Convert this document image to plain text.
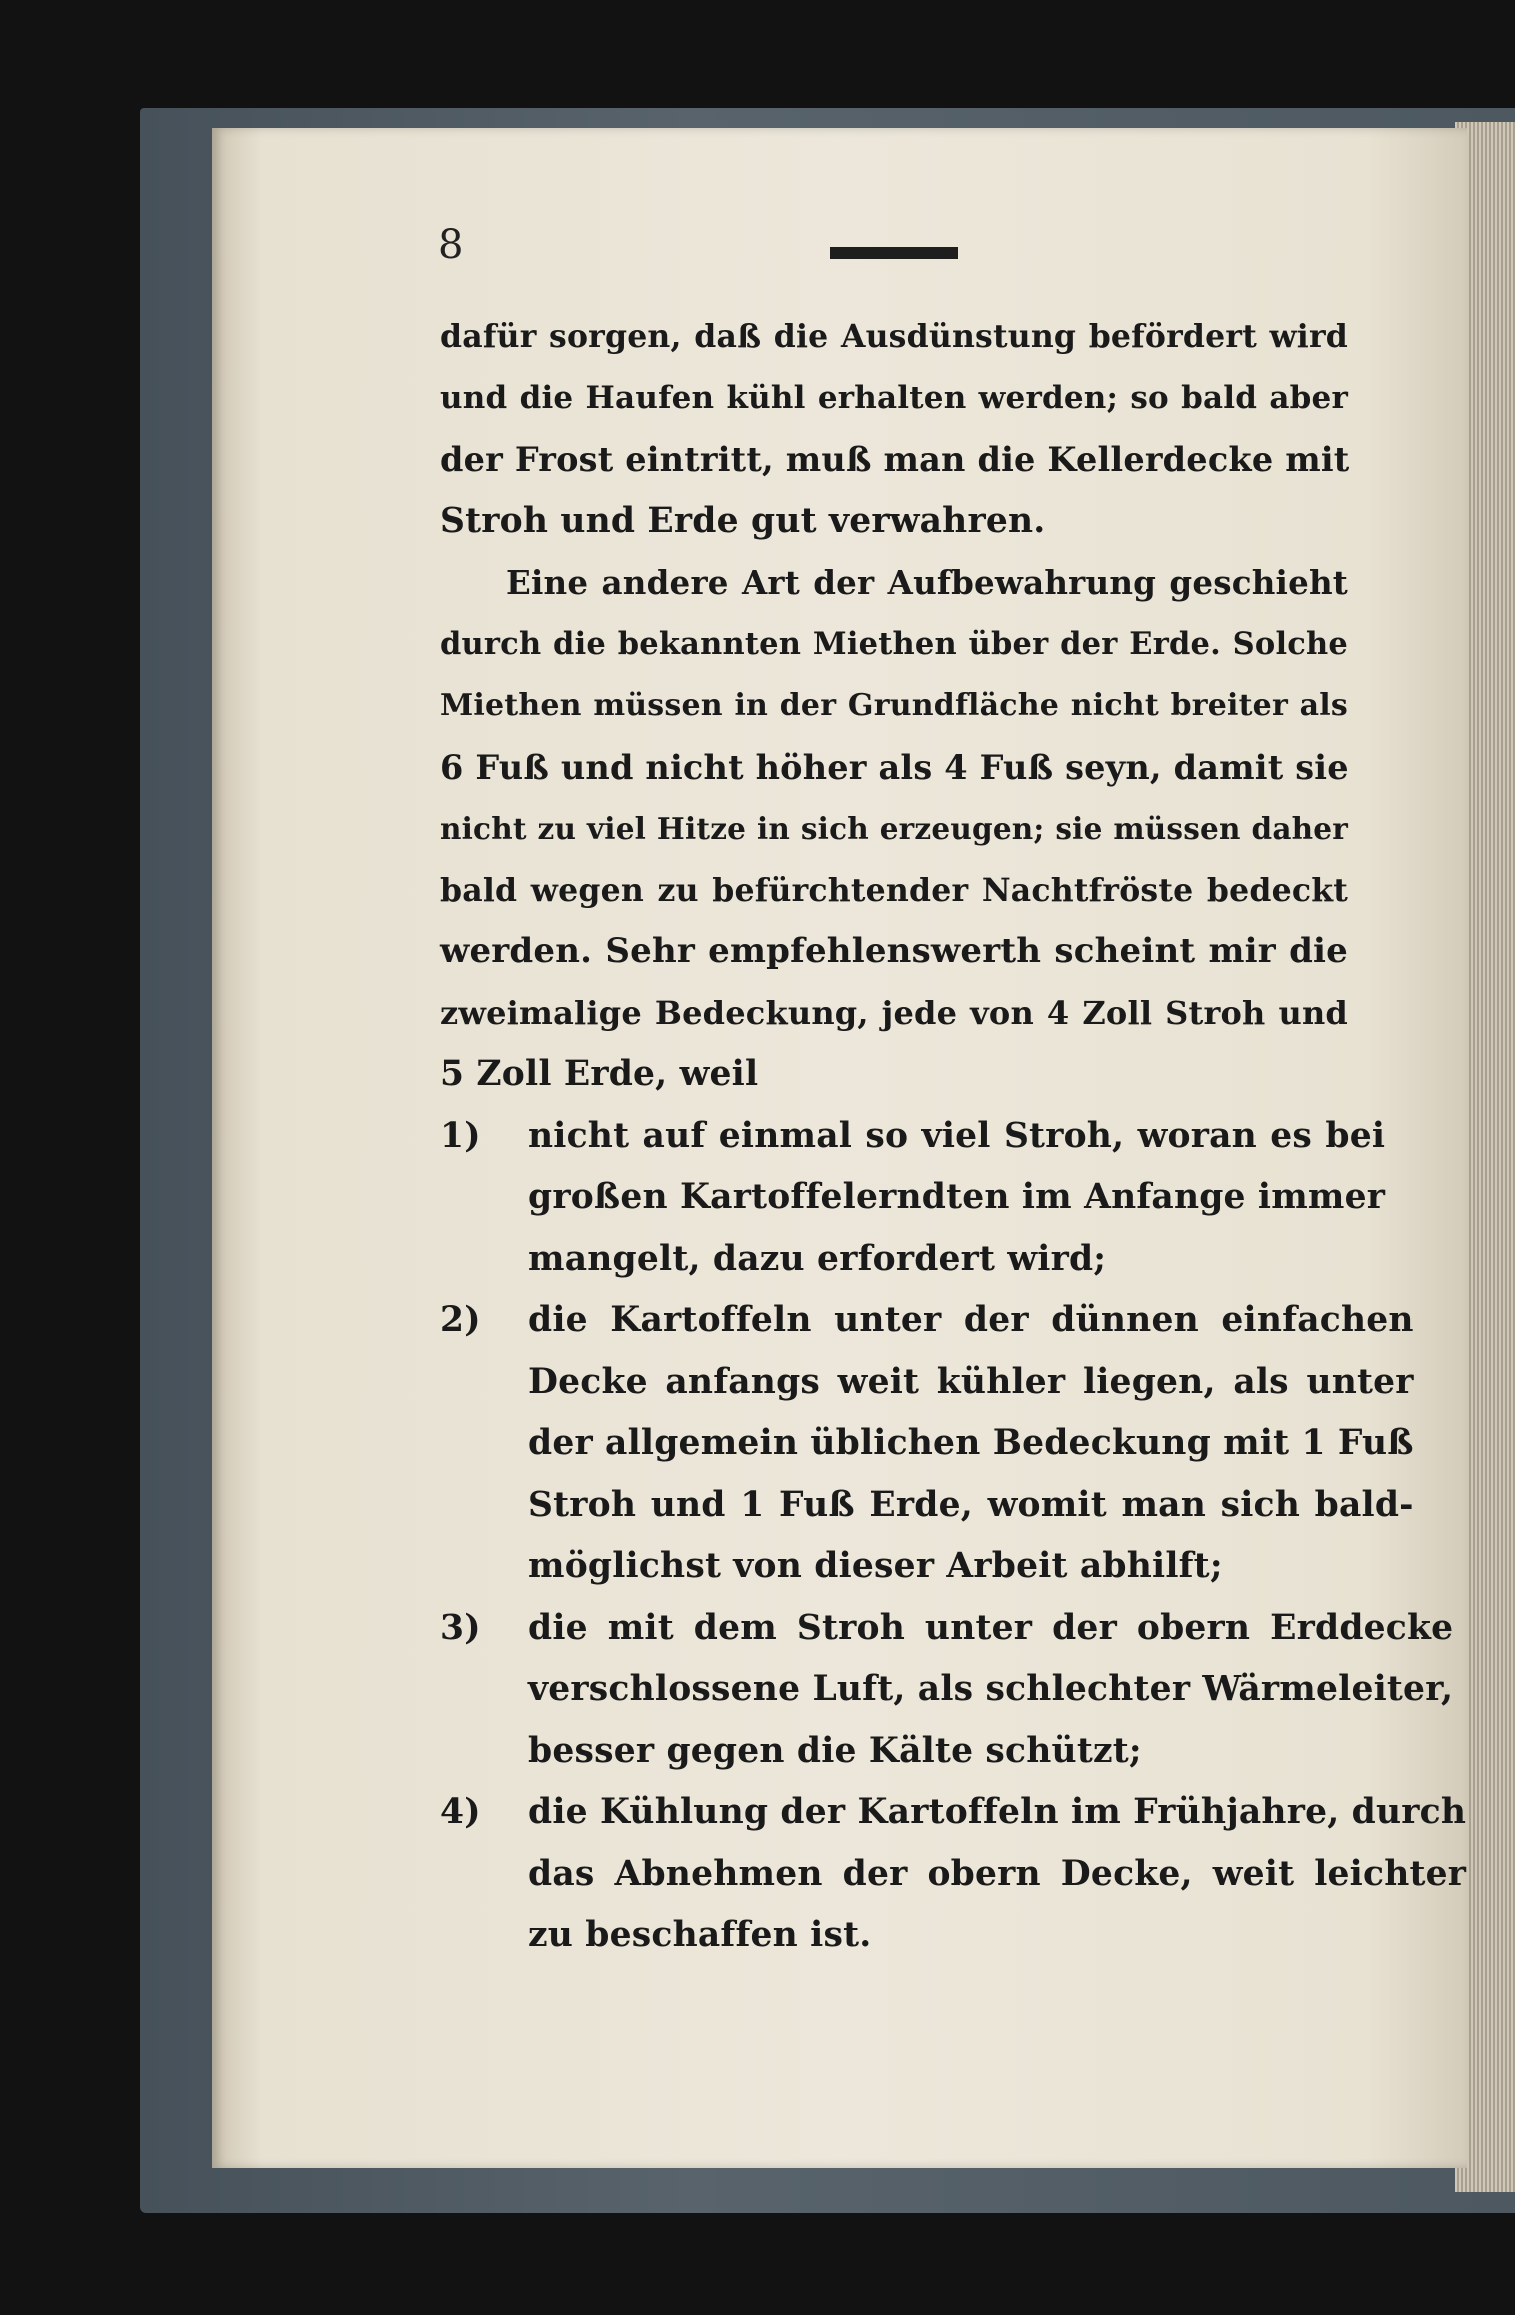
8

dafür sorgen, daß die Ausdünstung befördert wird
und die Haufen kühl erhalten werden; so bald aber
der Frost eintritt, muß man die Kellerdecke mit
Stroh und Erde gut verwahren.
Eine andere Art der Aufbewahrung geschieht
durch die bekannten Miethen über der Erde. Solche
Miethen müssen in der Grundfläche nicht breiter als
6 Fuß und nicht höher als 4 Fuß seyn, damit sie
nicht zu viel Hitze in sich erzeugen; sie müssen daher
bald wegen zu befürchtender Nachtfröste bedeckt
werden. Sehr empfehlenswerth scheint mir die
zweimalige Bedeckung, jede von 4 Zoll Stroh und
5 Zoll Erde, weil
1)	nicht auf einmal so viel Stroh, woran es bei
großen Kartoffelerndten im Anfange immer
mangelt, dazu erfordert wird;
2)	die Kartoffeln unter der dünnen einfachen
Decke anfangs weit kühler liegen, als unter
der allgemein üblichen Bedeckung mit 1 Fuß
Stroh und 1 Fuß Erde, womit man sich bald-
möglichst von dieser Arbeit abhilft;
3)	die mit dem Stroh unter der obern Erddecke
verschlossene Luft, als schlechter Wärmeleiter,
besser gegen die Kälte schützt;
4)	die Kühlung der Kartoffeln im Frühjahre, durch
das Abnehmen der obern Decke, weit leichter
zu beschaffen ist.
